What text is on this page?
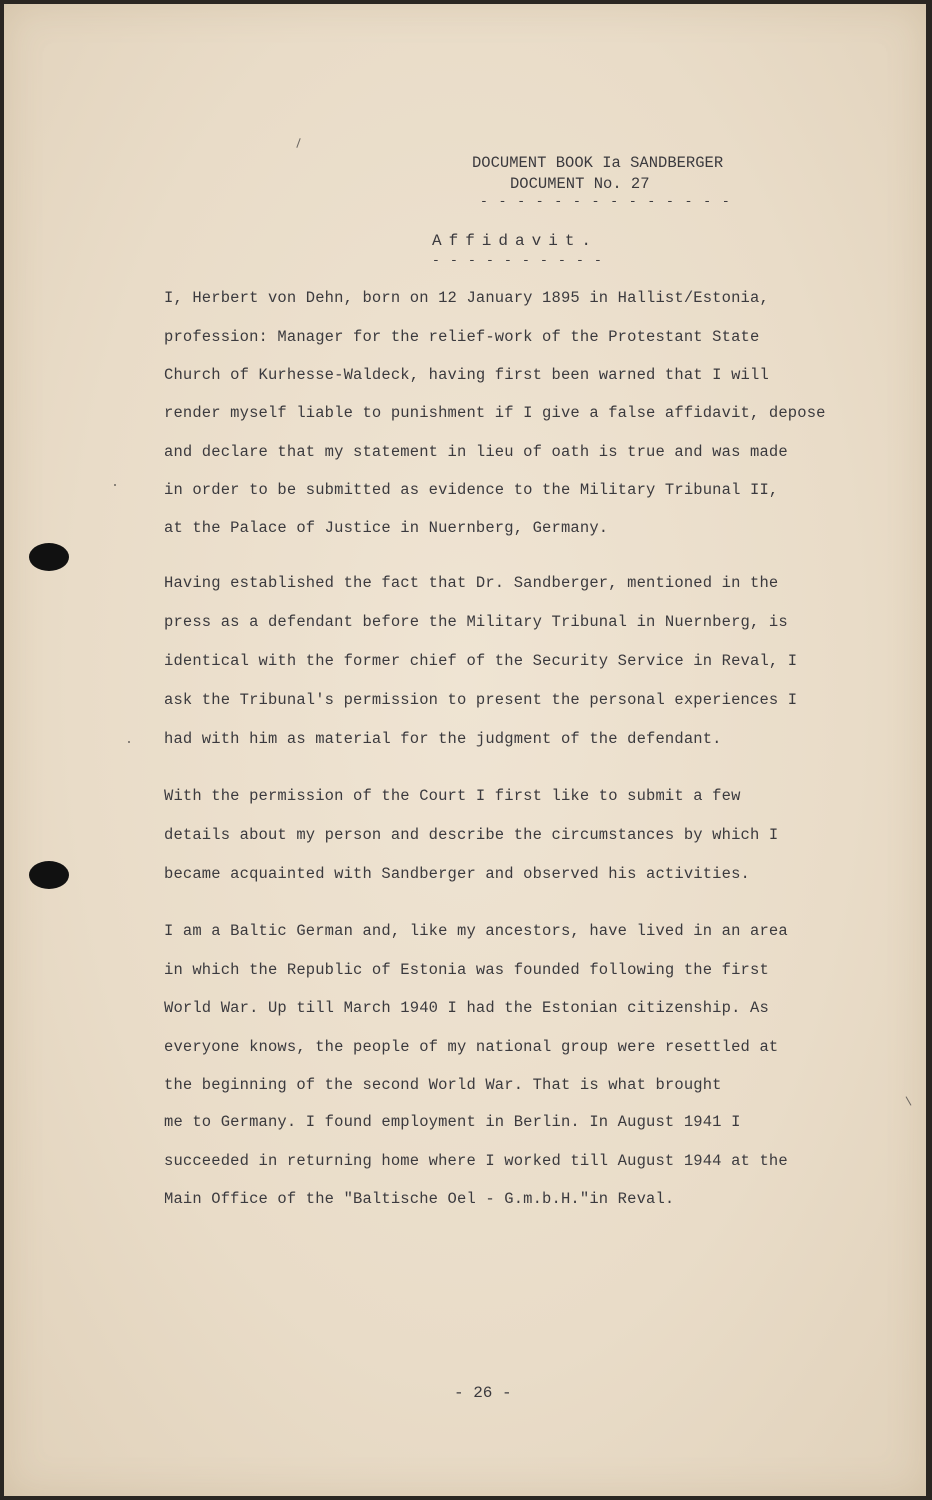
DOCUMENT BOOK Ia SANDBERGER
DOCUMENT No. 27
- - - - - - - - - - - - - -
Affidavit.
- - - - - - - - - -
I, Herbert von Dehn, born on 12 January 1895 in Hallist/Estonia,
profession: Manager for the relief-work of the Protestant State
Church of Kurhesse-Waldeck, having first been warned that I will
render myself liable to punishment if I give a false affidavit, depose
and declare that my statement in lieu of oath is true and was made
in order to be submitted as evidence to the Military Tribunal II,
at the Palace of Justice in Nuernberg, Germany.
Having established the fact that Dr. Sandberger, mentioned in the
press as a defendant before the Military Tribunal in Nuernberg, is
identical with the former chief of the Security Service in Reval, I
ask the Tribunal's permission to present the personal experiences I
had with him as material for the judgment of the defendant.
With the permission of the Court I first like to submit a few
details about my person and describe the circumstances by which I
became acquainted with Sandberger and observed his activities.
I am a Baltic German and, like my ancestors, have lived in an area
in which the Republic of Estonia was founded following the first
World War. Up till March 1940 I had the Estonian citizenship. As
everyone knows, the people of my national group were resettled at
the beginning of the second World War. That is what brought
me to Germany. I found employment in Berlin. In August 1941 I
succeeded in returning home where I worked till August 1944 at the
Main Office of the "Baltische Oel - G.m.b.H."in Reval.
- 26 -
